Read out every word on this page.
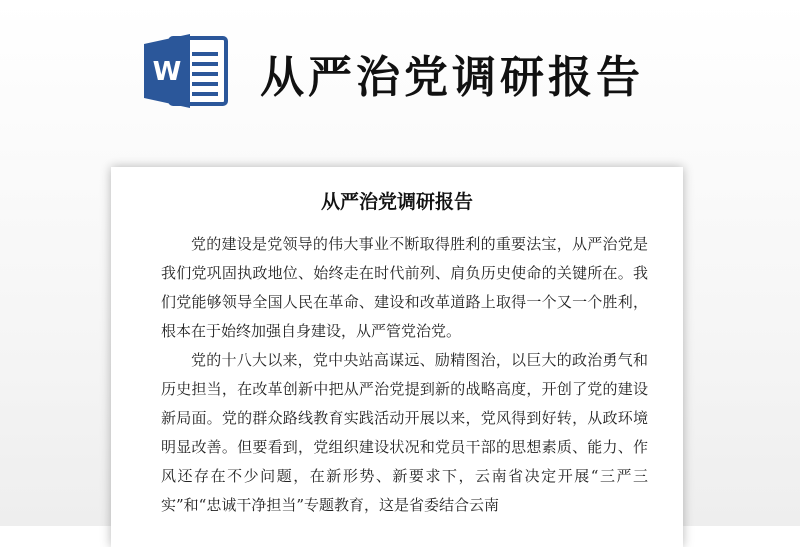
W 从严治党调研报告
从严治党调研报告

党的建设是党领导的伟大事业不断取得胜利的重要法宝，从严治党是我们党巩固执政地位、始终走在时代前列、肩负历史使命的关键所在。我们党能够领导全国人民在革命、建设和改革道路上取得一个又一个胜利，根本在于始终加强自身建设，从严管党治党。

党的十八大以来，党中央站高谋远、励精图治，以巨大的政治勇气和历史担当，在改革创新中把从严治党提到新的战略高度，开创了党的建设新局面。党的群众路线教育实践活动开展以来，党风得到好转，从政环境明显改善。但要看到，党组织建设状况和党员干部的思想素质、能力、作风还存在不少问题，在新形势、新要求下，云南省决定开展“三严三实”和“忠诚干净担当”专题教育，这是省委结合云南
